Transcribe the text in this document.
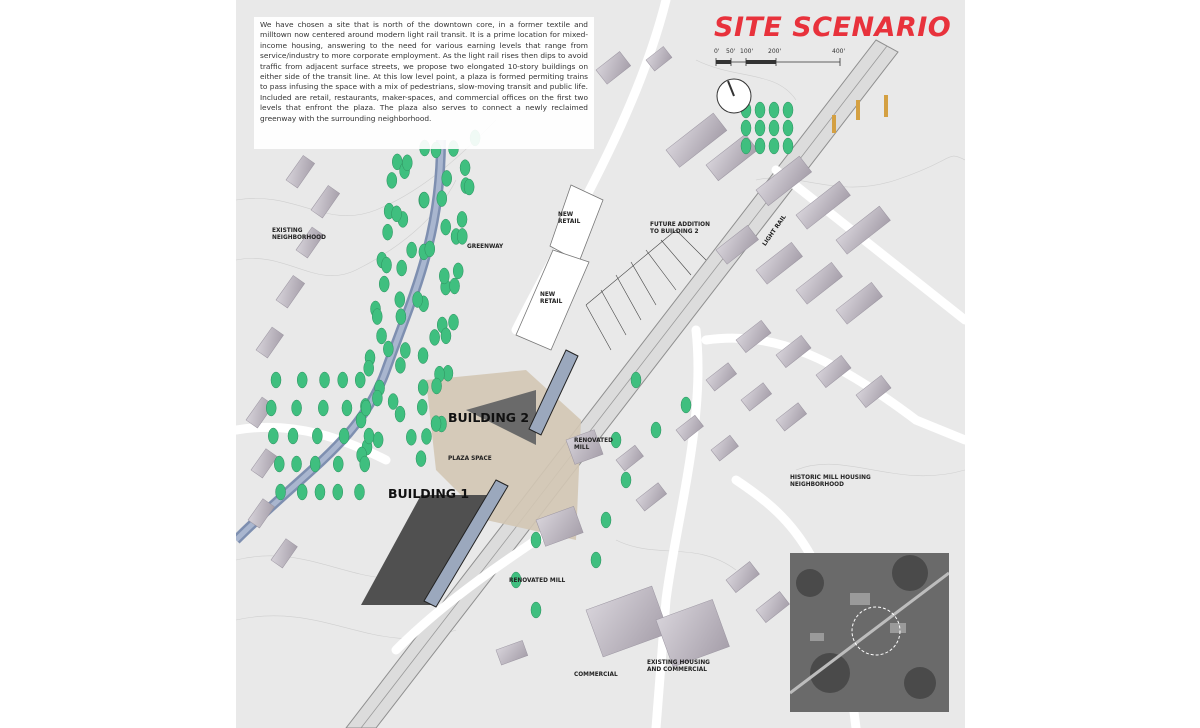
We have chosen a site that is north of the downtown core, in a former textile and milltown now centered around modern light rail transit. It is a prime location for mixed-income housing, answering to the need for various earning levels that range from service/industry to more corporate employment. As the light rail rises then dips to avoid traffic from adjacent surface streets, we propose two elongated 10-story buildings on either side of the transit line. At this low level point, a plaza is formed permiting trains to pass infusing the space with a mix of pedestrians, slow-moving transit and public life. Included are retail, restaurants, maker-spaces, and commercial offices on the first two levels that enfront the plaza. The plaza also serves to connect a newly reclaimed greenway with the surrounding neighborhood.
SITE SCENARIO
0' 50' 100' 200'	400'
BUILDING 2
BUILDING 1
PLAZA SPACE
GREENWAY
EXISTING NEIGHBORHOOD
NEW RETAIL
NEW RETAIL
FUTURE ADDITION TO BUILDING 2	LIGHT RAIL
RENOVATED MILL
RENOVATED MILL
HISTORIC MILL HOUSING NEIGHBORHOOD
EXISTING HOUSING AND COMMERCIAL
COMMERCIAL
